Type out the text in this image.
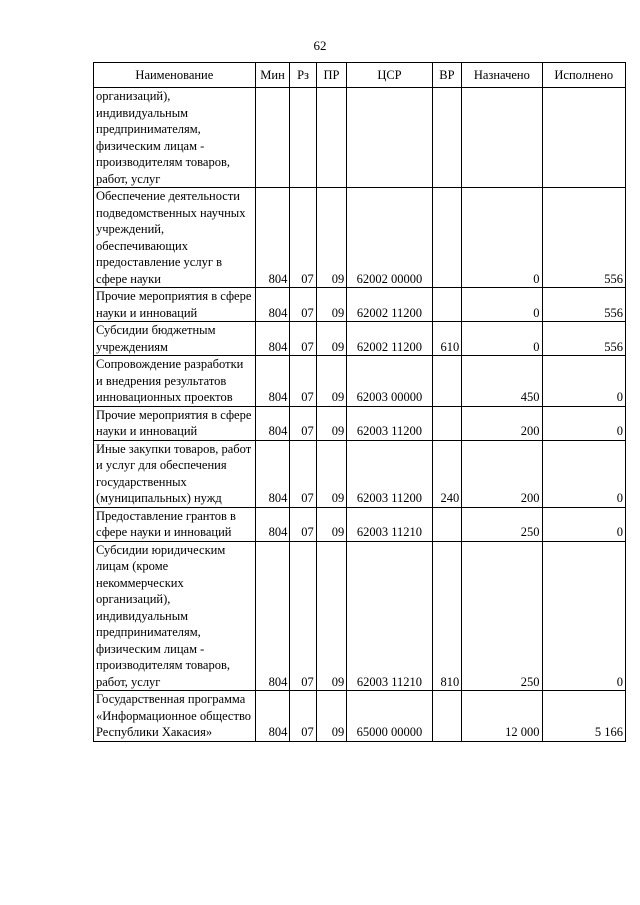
62
Наименование	Мин	Рз	ПР	ЦСР	ВР	Назначено	Исполнено
организаций), индивидуальным предпринимателям, физическим лицам - производителям товаров, работ, услуг							
Обеспечение деятельности подведомственных научных учреждений, обеспечивающих предоставление услуг в сфере науки	804	07	09	62002 00000		0	556
Прочие мероприятия в сфере науки и инноваций	804	07	09	62002 11200		0	556
Субсидии бюджетным учреждениям	804	07	09	62002 11200	610	0	556
Сопровождение разработки и внедрения результатов инновационных проектов	804	07	09	62003 00000		450	0
Прочие мероприятия в сфере науки и инноваций	804	07	09	62003 11200		200	0
Иные закупки товаров, работ и услуг для обеспечения государственных (муниципальных) нужд	804	07	09	62003 11200	240	200	0
Предоставление грантов в сфере науки и инноваций	804	07	09	62003 11210		250	0
Субсидии юридическим лицам (кроме некоммерческих организаций), индивидуальным предпринимателям, физическим лицам - производителям товаров, работ, услуг	804	07	09	62003 11210	810	250	0
Государственная программа «Информационное общество Республики Хакасия»	804	07	09	65000 00000		12 000	5 166
